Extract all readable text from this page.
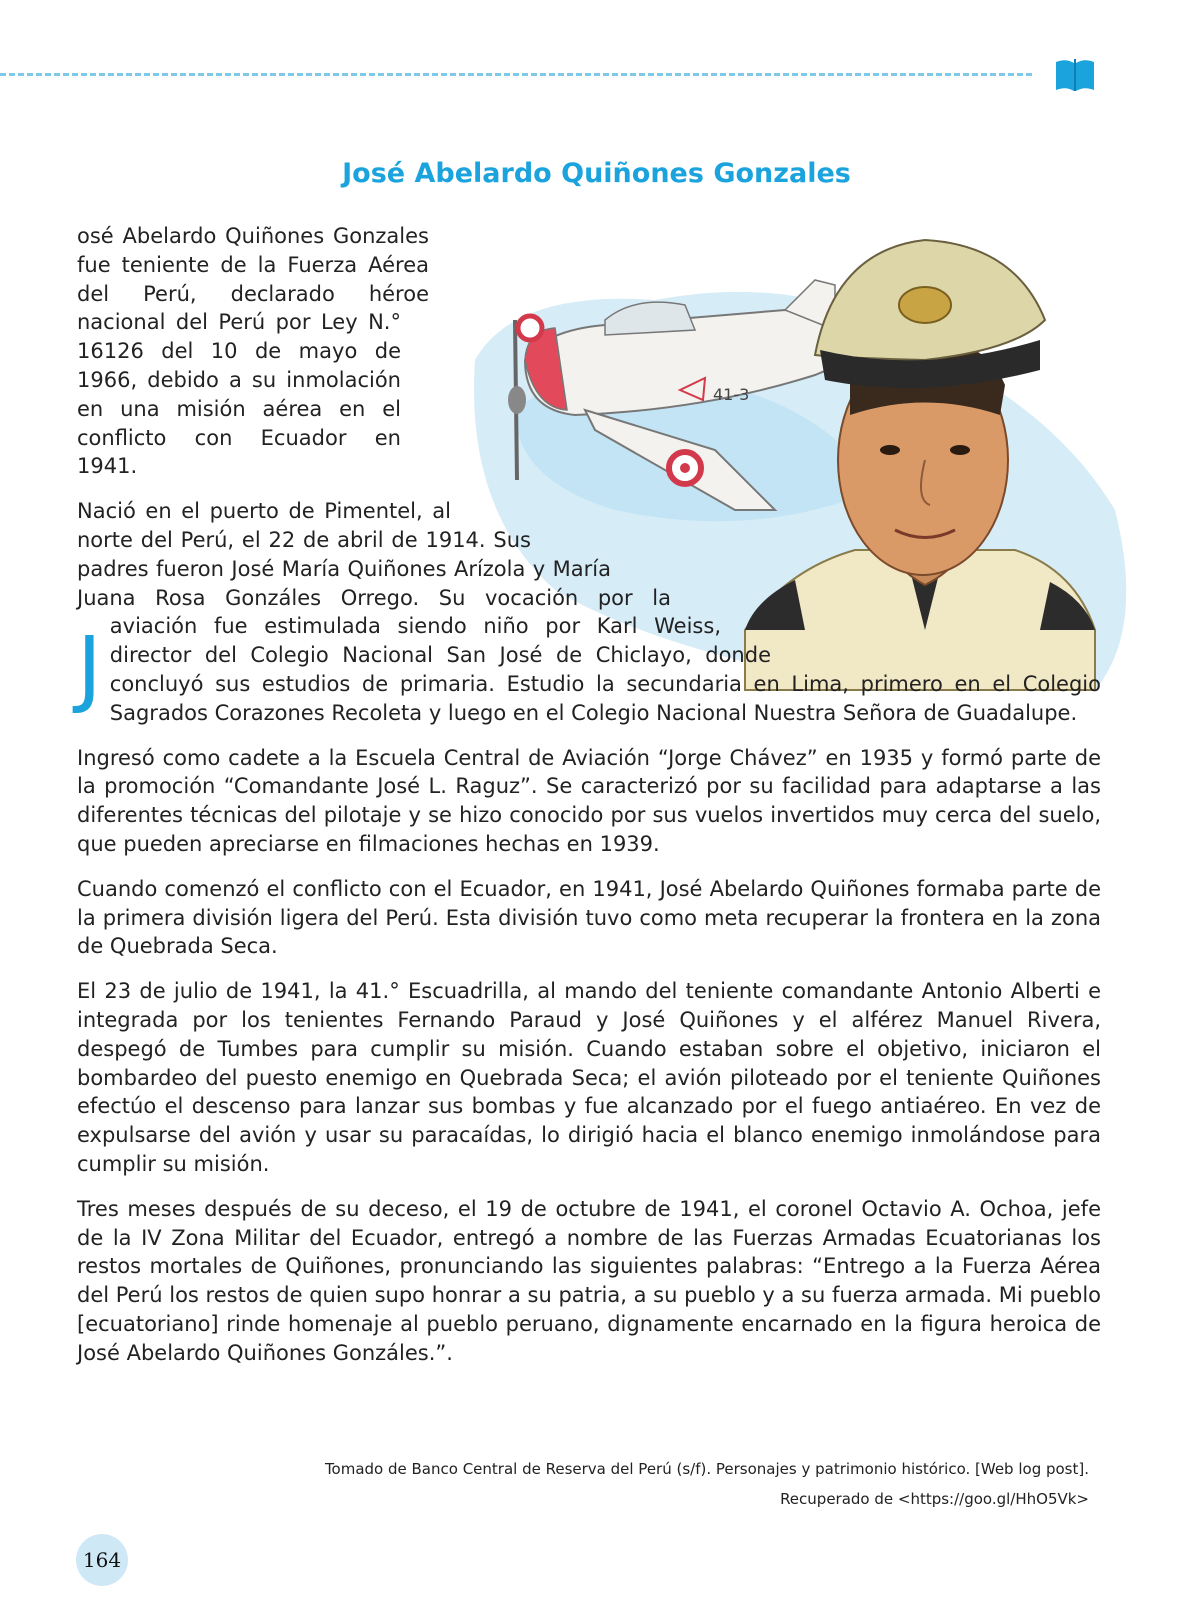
José Abelardo Quiñones Gonzales
41-3

J
osé Abelardo Quiñones Gonzales fue teniente de la Fuerza Aérea del Perú, declarado héroe nacional del Perú por Ley N.° 16126 del 10 de mayo de 1966, debido a su inmolación en una misión aérea en el conflicto con Ecuador en 1941.

Nació en el puerto de Pimentel, al norte del Perú, el 22 de abril de 1914. Sus padres fueron José María Quiñones Arízola y María Juana Rosa Gonzáles Orrego. Su vocación por la aviación fue estimulada siendo niño por Karl Weiss, director del Colegio Nacional San José de Chiclayo, donde concluyó sus estudios de primaria. Estudio la secundaria en Lima, primero en el Colegio Sagrados Corazones Recoleta y luego en el Colegio Nacional Nuestra Señora de Guadalupe.

Ingresó como cadete a la Escuela Central de Aviación “Jorge Chávez” en 1935 y formó parte de la promoción “Comandante José L. Raguz”. Se caracterizó por su facilidad para adaptarse a las diferentes técnicas del pilotaje y se hizo conocido por sus vuelos invertidos muy cerca del suelo, que pueden apreciarse en filmaciones hechas en 1939.

Cuando comenzó el conflicto con el Ecuador, en 1941, José Abelardo Quiñones formaba parte de la primera división ligera del Perú. Esta división tuvo como meta recuperar la frontera en la zona de Quebrada Seca.

El 23 de julio de 1941, la 41.° Escuadrilla, al mando del teniente comandante Antonio Alberti e integrada por los tenientes Fernando Paraud y José Quiñones y el alférez Manuel Rivera, despegó de Tumbes para cumplir su misión. Cuando estaban sobre el objetivo, iniciaron el bombardeo del puesto enemigo en Quebrada Seca; el avión piloteado por el teniente Quiñones efectúo el descenso para lanzar sus bombas y fue alcanzado por el fuego antiaéreo. En vez de expulsarse del avión y usar su paracaídas, lo dirigió hacia el blanco enemigo inmolándose para cumplir su misión.

Tres meses después de su deceso, el 19 de octubre de 1941, el coronel Octavio A. Ochoa, jefe de la IV Zona Militar del Ecuador, entregó a nombre de las Fuerzas Armadas Ecuatorianas los restos mortales de Quiñones, pronunciando las siguientes palabras: “Entrego a la Fuerza Aérea del Perú los restos de quien supo honrar a su patria, a su pueblo y a su fuerza armada. Mi pueblo [ecuatoriano] rinde homenaje al pueblo peruano, dignamente encarnado en la figura heroica de José Abelardo Quiñones Gonzáles.”.

Tomado de Banco Central de Reserva del Perú (s/f). Personajes y patrimonio histórico. [Web log post].
Recuperado de <https://goo.gl/HhO5Vk>
164
